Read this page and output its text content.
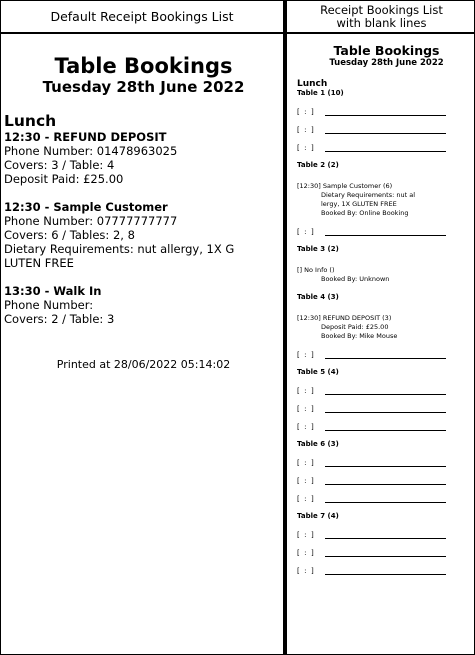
Default Receipt Bookings List
Table Bookings
Tuesday 28th June 2022
Lunch
12:30 - REFUND DEPOSIT
Phone Number: 01478963025
Covers: 3 / Table: 4
Deposit Paid: £25.00
12:30 - Sample Customer
Phone Number: 07777777777
Covers: 6 / Tables: 2, 8
Dietary Requirements: nut allergy, 1X G
LUTEN FREE
13:30 - Walk In
Phone Number:
Covers: 2 / Table: 3
Printed at 28/06/2022 05:14:02
Receipt Bookings List
with blank lines
Table Bookings
Tuesday 28th June 2022
Lunch
Table 1 (10)
[  :  ]
[  :  ]
[  :  ]
Table 2 (2)
[12:30] Sample Customer (6)
Dietary Requirements: nut al
lergy, 1X GLUTEN FREE
Booked By: Online Booking
[  :  ]
Table 3 (2)
[] No Info ()
Booked By: Unknown
Table 4 (3)
[12:30] REFUND DEPOSIT (3)
Deposit Paid: £25.00
Booked By: Mike Mouse
[  :  ]
Table 5 (4)
[  :  ]
[  :  ]
[  :  ]
Table 6 (3)
[  :  ]
[  :  ]
[  :  ]
Table 7 (4)
[  :  ]
[  :  ]
[  :  ]
